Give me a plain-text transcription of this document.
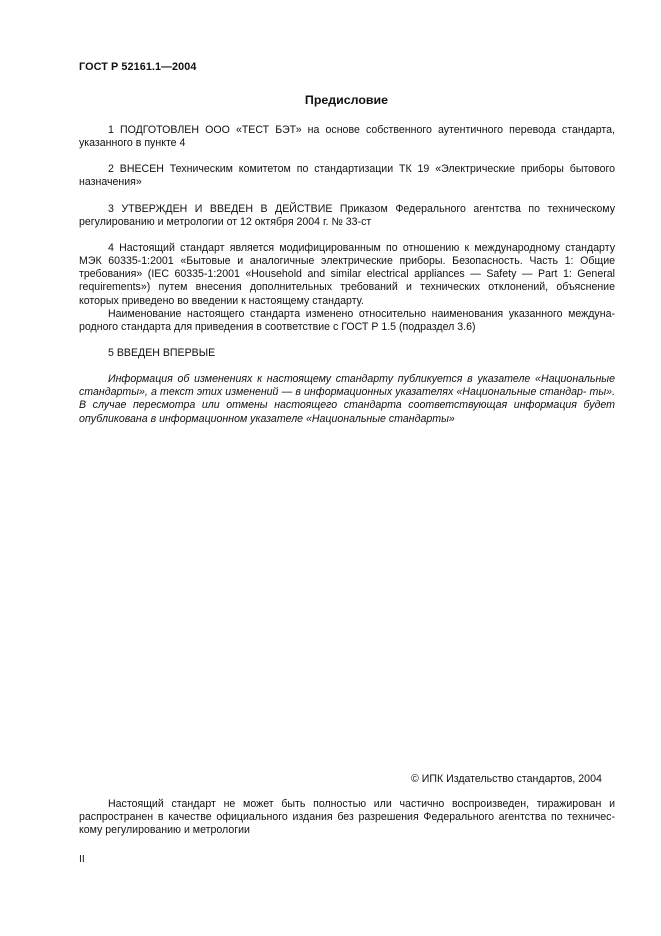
ГОСТ Р 52161.1—2004
Предисловие

1 ПОДГОТОВЛЕН ООО «ТЕСТ БЭТ» на основе собственного аутентичного перевода стандарта, указанного в пункте 4

2 ВНЕСЕН Техническим комитетом по стандартизации ТК 19 «Электрические приборы бытового назначения»

3 УТВЕРЖДЕН И ВВЕДЕН В ДЕЙСТВИЕ Приказом Федерального агентства по техническому регулированию и метрологии от 12 октября 2004 г. № 33-ст

4 Настоящий стандарт является модифицированным по отношению к международному стандарту МЭК 60335-1:2001 «Бытовые и аналогичные электрические приборы. Безопасность. Часть 1: Общие требования» (IEC 60335-1:2001 «Household and similar electrical appliances — Safety — Part 1: General requirements») путем внесения дополнительных требований и технических отклонений, объяснение которых приведено во введении к настоящему стандарту.

Наименование настоящего стандарта изменено относительно наименования указанного междуна- родного стандарта для приведения в соответствие с ГОСТ Р 1.5 (подраздел 3.6)

5 ВВЕДЕН ВПЕРВЫЕ

Информация об изменениях к настоящему стандарту публикуется в указателе «Национальные стандарты», а текст этих изменений — в информационных указателях «Национальные стандар- ты». В случае пересмотра или отмены настоящего стандарта соответствующая информация будет опубликована в информационном указателе «Национальные стандарты»

© ИПК Издательство стандартов, 2004

Настоящий стандарт не может быть полностью или частично воспроизведен, тиражирован и распространен в качестве официального издания без разрешения Федерального агентства по техничес- кому регулированию и метрологии

II
